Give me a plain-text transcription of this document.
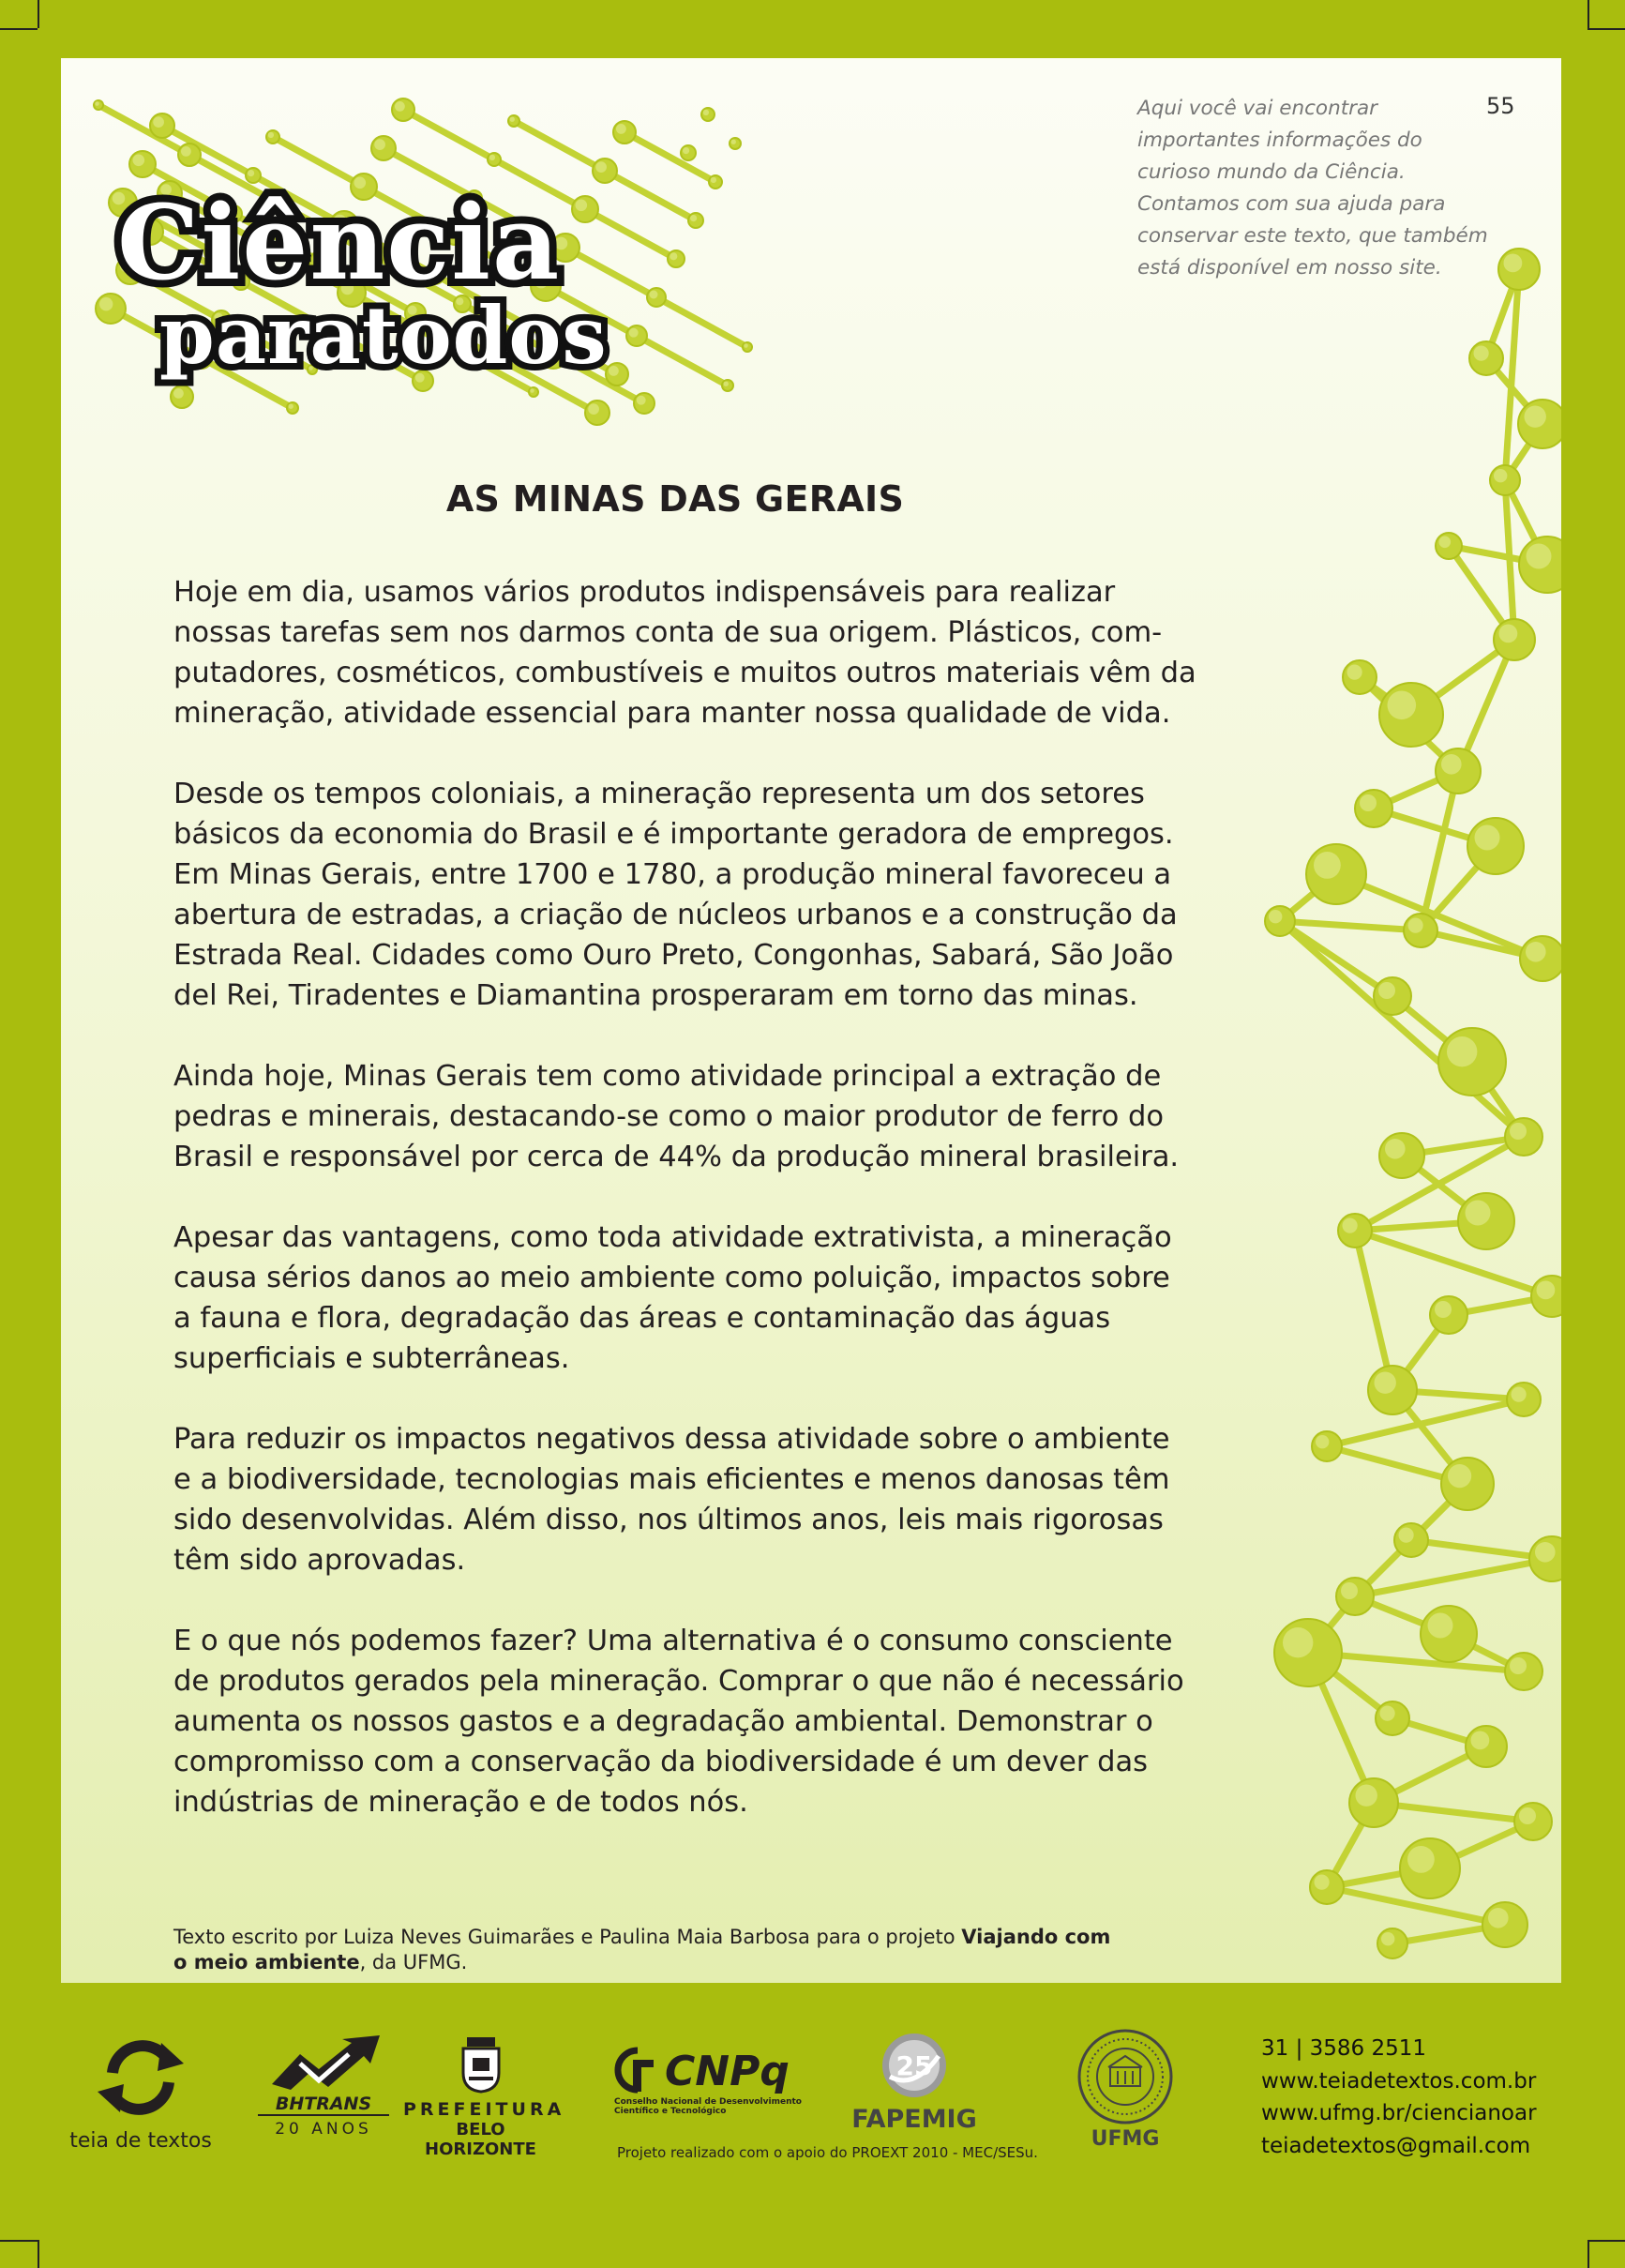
Ciência
paratodos
Aqui você vai encontrar
importantes informações do
curioso mundo da Ciência.
Contamos com sua ajuda para
conservar este texto, que também
está disponível em nosso site.
55
AS MINAS DAS GERAIS

Hoje em dia, usamos vários produtos indispensáveis para realizar
nossas tarefas sem nos darmos conta de sua origem. Plásticos, com-
putadores, cosméticos, combustíveis e muitos outros materiais vêm da
mineração, atividade essencial para manter nossa qualidade de vida.

Desde os tempos coloniais, a mineração representa um dos setores
básicos da economia do Brasil e é importante geradora de empregos.
Em Minas Gerais, entre 1700 e 1780, a produção mineral favoreceu a
abertura de estradas, a criação de núcleos urbanos e a construção da
Estrada Real. Cidades como Ouro Preto, Congonhas, Sabará, São João
del Rei, Tiradentes e Diamantina prosperaram em torno das minas.

Ainda hoje, Minas Gerais tem como atividade principal a extração de
pedras e minerais, destacando-se como o maior produtor de ferro do
Brasil e responsável por cerca de 44% da produção mineral brasileira.

Apesar das vantagens, como toda atividade extrativista, a mineração
causa sérios danos ao meio ambiente como poluição, impactos sobre
a fauna e flora, degradação das áreas e contaminação das águas
superficiais e subterrâneas.

Para reduzir os impactos negativos dessa atividade sobre o ambiente
e a biodiversidade, tecnologias mais eficientes e menos danosas têm
sido desenvolvidas. Além disso, nos últimos anos, leis mais rigorosas
têm sido aprovadas.

E o que nós podemos fazer? Uma alternativa é o consumo consciente
de produtos gerados pela mineração. Comprar o que não é necessário
aumenta os nossos gastos e a degradação ambiental. Demonstrar o
compromisso com a conservação da biodiversidade é um dever das
indústrias de mineração e de todos nós.

Texto escrito por Luiza Neves Guimarães e Paulina Maia Barbosa para o projeto Viajando com
o meio ambiente, da UFMG.
teia de textos
BHTRANS
20 ANOS
PREFEITURA
BELO HORIZONTE
CNPq
Conselho Nacional de Desenvolvimento
Científico e Tecnológico
25
FAPEMIG
Projeto realizado com o apoio do PROEXT 2010 - MEC/SESu.
UFMG
31 | 3586 2511
www.teiadetextos.com.br
www.ufmg.br/ciencianoar
teiadetextos@gmail.com
